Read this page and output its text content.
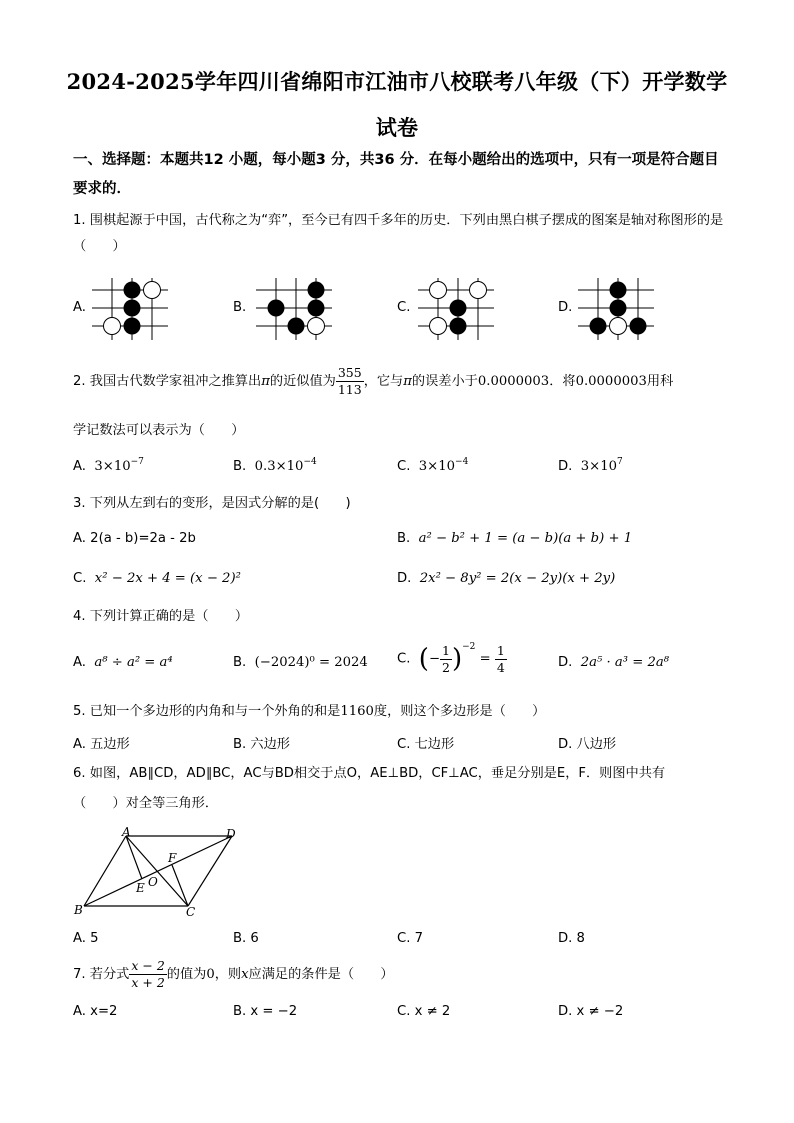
2024-2025学年四川省绵阳市江油市八校联考八年级（下）开学数学
试卷
一、选择题：本题共12 小题，每小题3 分，共36 分．在每小题给出的选项中，只有一项是符合题目要求的．
1. 围棋起源于中国，古代称之为“弈”，至今已有四千多年的历史．下列由黑白棋子摆成的图案是轴对称图形的是（　　）
A.	B.	C.	D.
2. 我国古代数学家祖冲之推算出π的近似值为 $\frac{355}{113}$ ，它与π的误差小于0.0000003．将0.0000003用科
学记数法可以表示为（　　）
A. $3\times 10^{-7}$	B. $0.3\times 10^{-4}$	C. $3\times 10^{-4}$	D. $3\times 10^7$
3. 下列从左到右的变形，是因式分解的是(　　)
A. 2(a - b)=2a - 2b	B. a² − b² + 1 = (a − b)(a + b) + 1
C. x² − 2x + 4 = (x − 2)²	D. 2x² − 8y² = 2(x − 2y)(x + 2y)
4. 下列计算正确的是（　　）
A. a⁸ ÷ a² = a⁴	B. (−2024)⁰ = 2024 C. (− $\frac{1}{2} )^{-2} = \frac{1}{4}$	D. 2a⁵ · a³ = 2a⁸
5. 已知一个多边形的内角和与一个外角的和是1160度，则这个多边形是（　　）
A. 五边形	B. 六边形	C. 七边形	D. 八边形
6. 如图，AB∥CD，AD∥BC，AC与BD相交于点O，AE⊥BD，CF⊥AC，垂足分别是E，F．则图中共有
（　　）对全等三角形．
A	D
B	C
F
E O
A. 5	B. 6	C. 7	D. 8
7. 若分式 $\frac{x - 2}{x + 2}$ 的值为0，则x应满足的条件是（　　）
A. x=2	B. x = −2	C. x ≠ 2	D. x ≠ −2
